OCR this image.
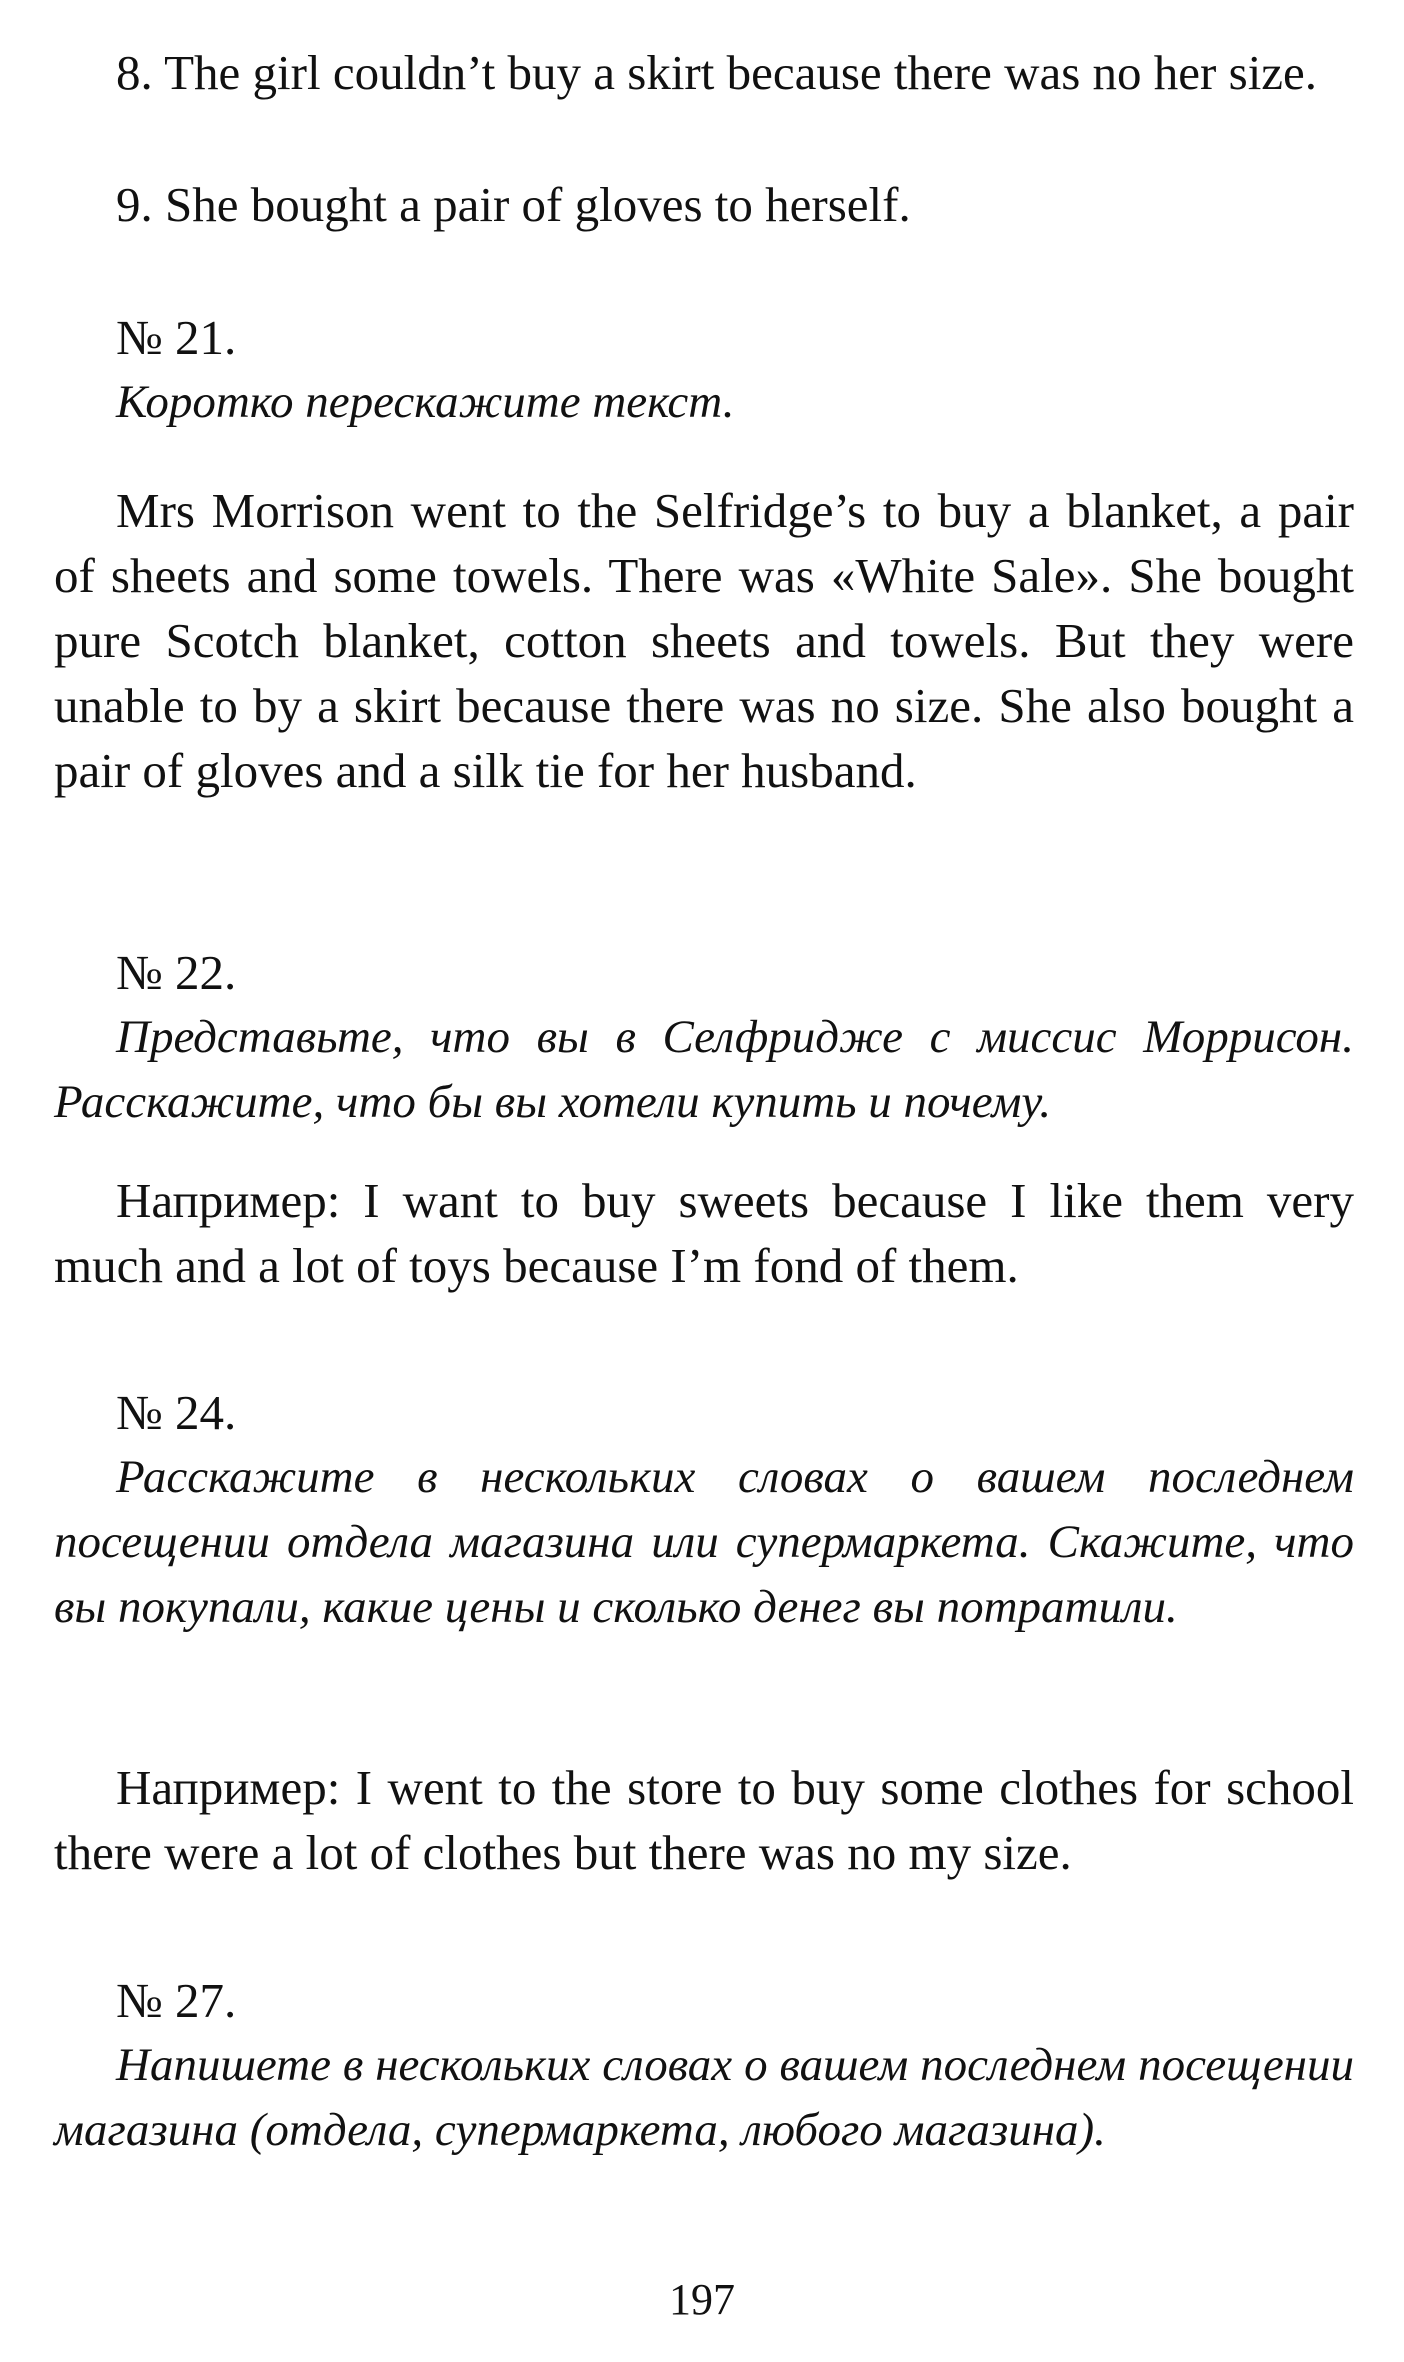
8. The girl couldn’t buy a skirt because there was no her size.

9. She bought a pair of gloves to herself.

№ 21.

Коротко перескажите текст.

Mrs Morrison went to the Selfridge’s to buy a blanket, a pair of sheets and some towels. There was «White Sale». She bought pure Scotch blanket, cotton sheets and towels. But they were unable to by a skirt because there was no size. She also bought a pair of gloves and a silk tie for her husband.

№ 22.

Представьте, что вы в Селфридже с миссис Моррисон. Расскажите, что бы вы хотели купить и почему.

Например: I want to buy sweets because I like them very much and a lot of toys because I’m fond of them.

№ 24.

Расскажите в нескольких словах о вашем последнем посещении отдела магазина или супермаркета. Скажите, что вы покупали, какие цены и сколько денег вы потратили.

Например: I went to the store to buy some clothes for school there were a lot of clothes but there was no my size.

№ 27.

Напишете в нескольких словах о вашем последнем посещении магазина (отдела, супермаркета, любого магазина).

197
